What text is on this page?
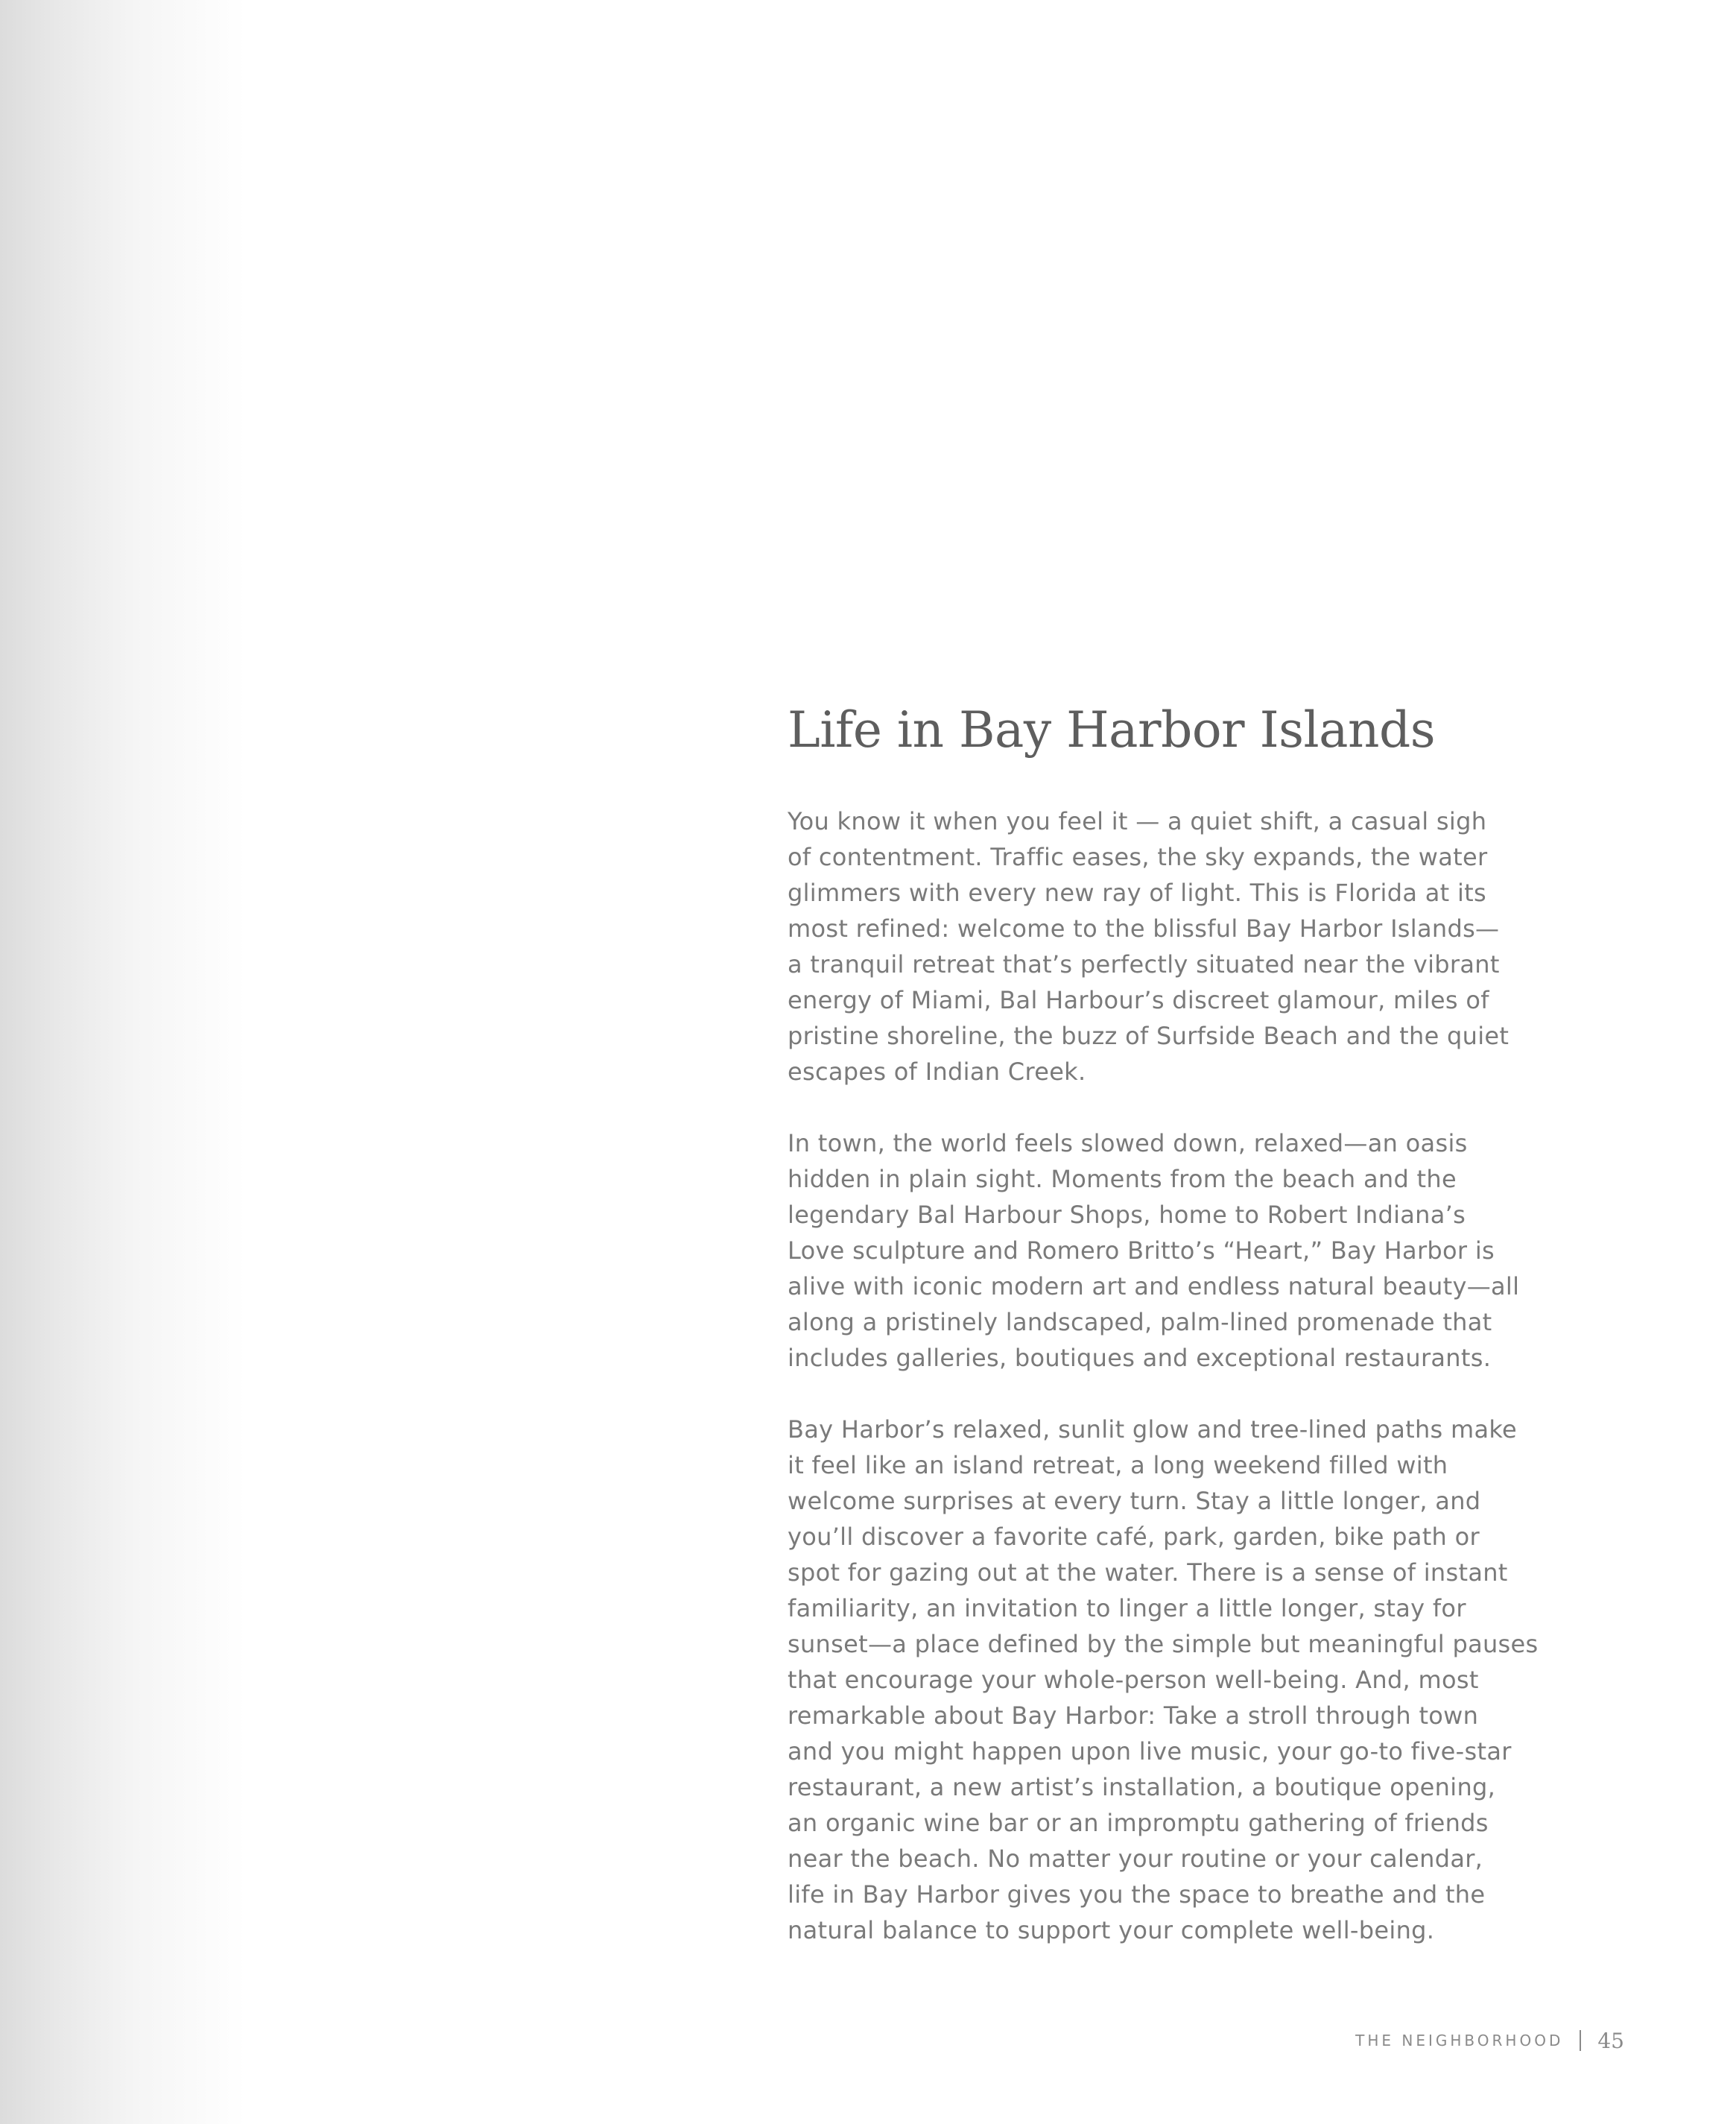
Life in Bay Harbor Islands
You know it when you feel it — a quiet shift, a casual sigh
of contentment. Traffic eases, the sky expands, the water
glimmers with every new ray of light. This is Florida at its
most refined: welcome to the blissful Bay Harbor Islands—
a tranquil retreat that’s perfectly situated near the vibrant
energy of Miami, Bal Harbour’s discreet glamour, miles of
pristine shoreline, the buzz of Surfside Beach and the quiet
escapes of Indian Creek.
In town, the world feels slowed down, relaxed—an oasis
hidden in plain sight. Moments from the beach and the
legendary Bal Harbour Shops, home to Robert Indiana’s
Love sculpture and Romero Britto’s “Heart,” Bay Harbor is
alive with iconic modern art and endless natural beauty—all
along a pristinely landscaped, palm-lined promenade that
includes galleries, boutiques and exceptional restaurants.
Bay Harbor’s relaxed, sunlit glow and tree-lined paths make
it feel like an island retreat, a long weekend filled with
welcome surprises at every turn. Stay a little longer, and
you’ll discover a favorite café, park, garden, bike path or
spot for gazing out at the water. There is a sense of instant
familiarity, an invitation to linger a little longer, stay for
sunset—a place defined by the simple but meaningful pauses
that encourage your whole-person well-being. And, most
remarkable about Bay Harbor: Take a stroll through town
and you might happen upon live music, your go-to five-star
restaurant, a new artist’s installation, a boutique opening,
an organic wine bar or an impromptu gathering of friends
near the beach. No matter your routine or your calendar,
life in Bay Harbor gives you the space to breathe and the
natural balance to support your complete well-being.
THE NEIGHBORHOOD 45
